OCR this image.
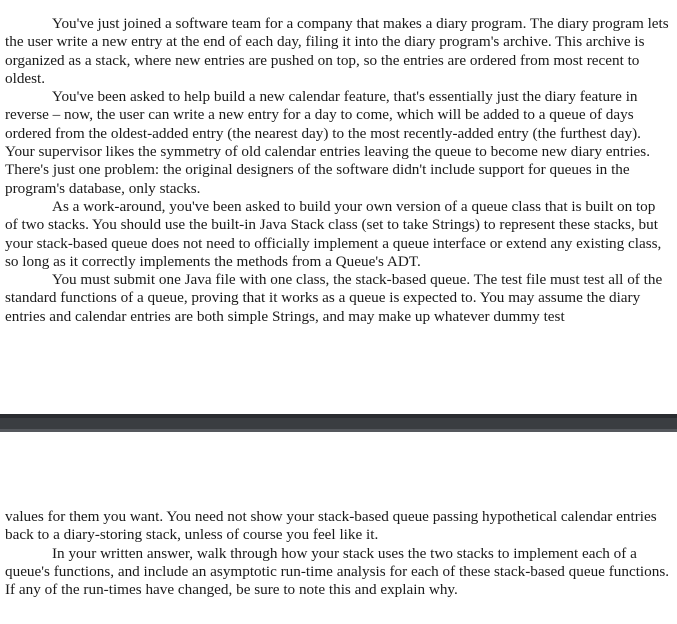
You've just joined a software team for a company that makes a diary program. The diary program lets the user write a new entry at the end of each day, filing it into the diary program's archive. This archive is organized as a stack, where new entries are pushed on top, so the entries are ordered from most recent to oldest.

You've been asked to help build a new calendar feature, that's essentially just the diary feature in reverse – now, the user can write a new entry for a day to come, which will be added to a queue of days ordered from the oldest-added entry (the nearest day) to the most recently-added entry (the furthest day). Your supervisor likes the symmetry of old calendar entries leaving the queue to become new diary entries. There's just one problem: the original designers of the software didn't include support for queues in the program's database, only stacks.

As a work-around, you've been asked to build your own version of a queue class that is built on top of two stacks. You should use the built-in Java Stack class (set to take Strings) to represent these stacks, but your stack-based queue does not need to officially implement a queue interface or extend any existing class, so long as it correctly implements the methods from a Queue's ADT.

You must submit one Java file with one class, the stack-based queue. The test file must test all of the standard functions of a queue, proving that it works as a queue is expected to. You may assume the diary entries and calendar entries are both simple Strings, and may make up whatever dummy test

values for them you want. You need not show your stack-based queue passing hypothetical calendar entries back to a diary-storing stack, unless of course you feel like it.

In your written answer, walk through how your stack uses the two stacks to implement each of a queue's functions, and include an asymptotic run-time analysis for each of these stack-based queue functions. If any of the run-times have changed, be sure to note this and explain why.
